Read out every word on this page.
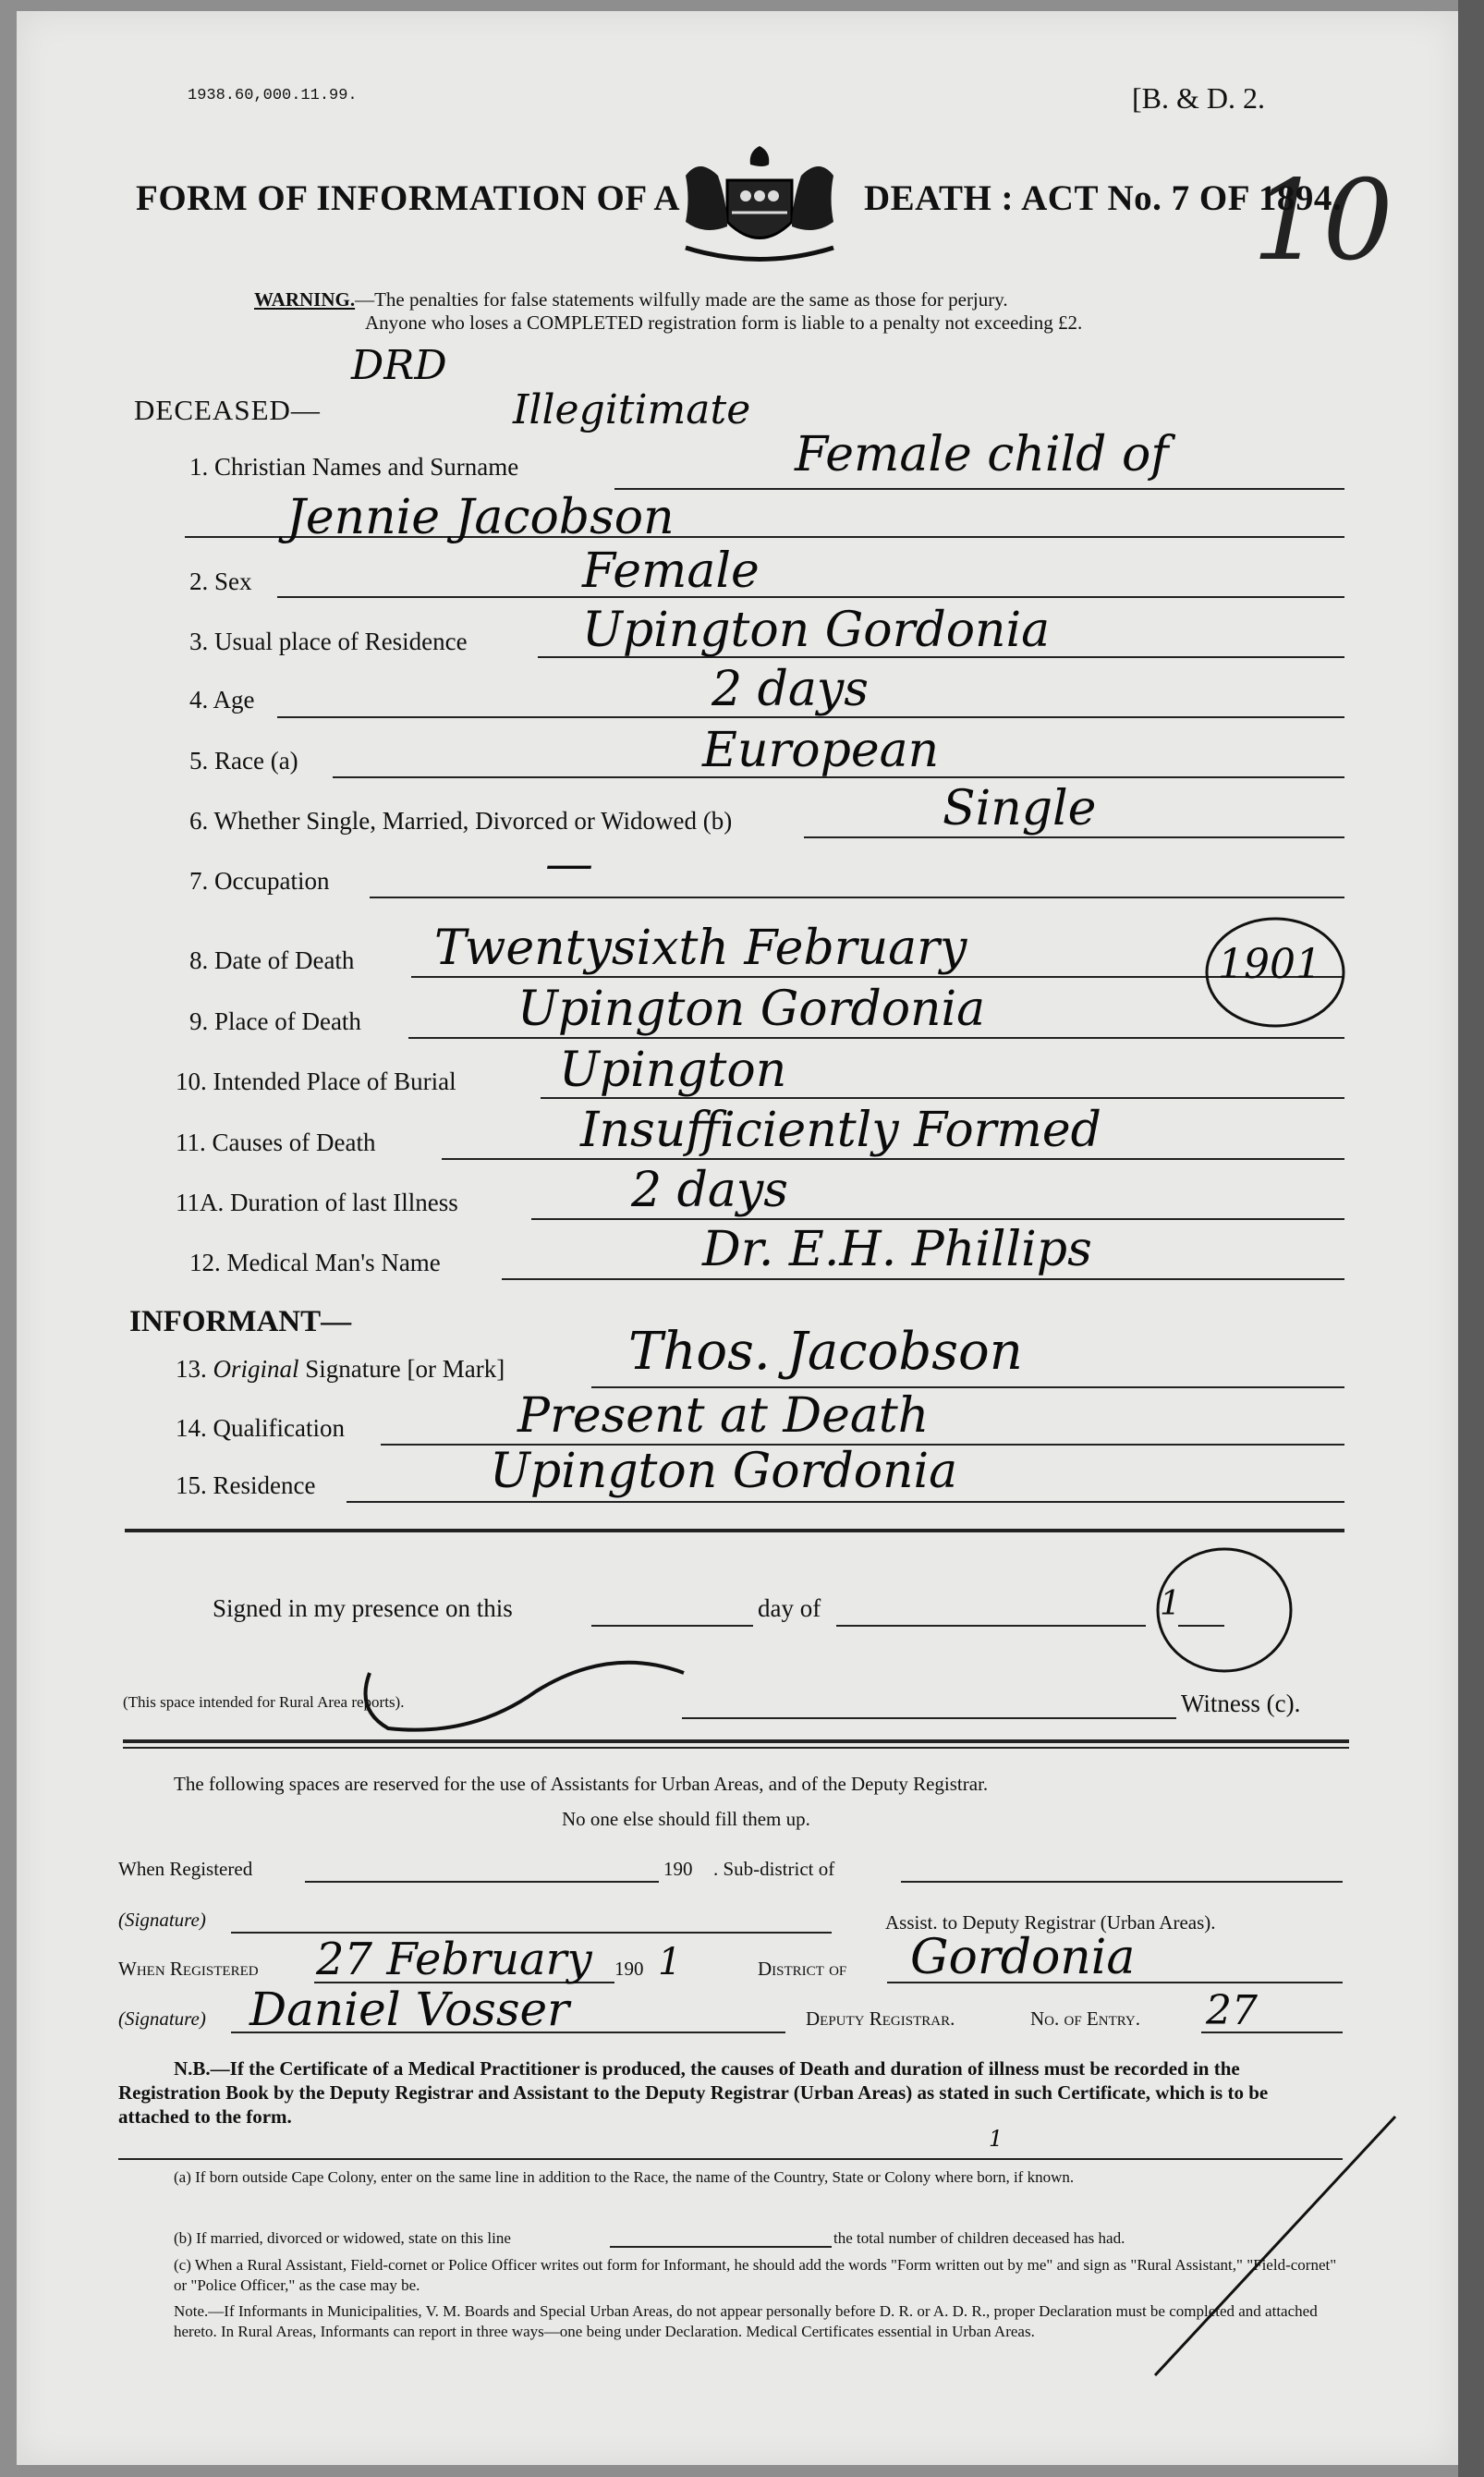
1938.60,000.11.99.	[B. & D. 2.
10
FORM OF INFORMATION OF A	DEATH : ACT No. 7 OF 1894.
WARNING.—The penalties for false statements wilfully made are the same as those for perjury.
Anyone who loses a COMPLETED registration form is liable to a penalty not exceeding £2.
DECEASED—
DRD
Illegitimate
1. Christian Names and Surname	Female child of
Jennie Jacobson
2. Sex	Female
3. Usual place of Residence Upington Gordonia
4. Age	2 days
5. Race (a)	European
6. Whether Single, Married, Divorced or Widowed (b)	Single
7. Occupation	—
8. Date of Death Twentysixth February	1901
9. Place of Death	Upington Gordonia
10. Intended Place of Burial Upington
11. Causes of Death	Insufficiently Formed
11A. Duration of last Illness	2 days
12. Medical Man's Name	Dr. E.H. Phillips
INFORMANT—
13. Original Signature [or Mark] Thos. Jacobson
14. Qualification	Present at Death
15. Residence	Upington Gordonia
Signed in my presence on this	day of	1
(This space intended for Rural Area reports).	Witness (c).
The following spaces are reserved for the use of Assistants for Urban Areas, and of the Deputy Registrar.
No one else should fill them up.
When Registered	190 . Sub-district of
(Signature)	Assist. to Deputy Registrar (Urban Areas).
When Registered 27 February 190 1	District of Gordonia
(Signature) Daniel Vosser	Deputy Registrar.	No. of Entry. 27
N.B.—If the Certificate of a Medical Practitioner is produced, the causes of Death and duration of illness must be recorded in the Registration Book by the Deputy Registrar and Assistant to the Deputy Registrar (Urban Areas) as stated in such Certificate, which is to be attached to the form.
1
(a) If born outside Cape Colony, enter on the same line in addition to the Race, the name of the Country, State or Colony where born, if known.
(b) If married, divorced or widowed, state on this line	the total number of children deceased has had.
(c) When a Rural Assistant, Field-cornet or Police Officer writes out form for Informant, he should add the words "Form written out by me" and sign as "Rural Assistant," "Field-cornet" or "Police Officer," as the case may be.
Note.—If Informants in Municipalities, V. M. Boards and Special Urban Areas, do not appear personally before D. R. or A. D. R., proper Declaration must be completed and attached hereto. In Rural Areas, Informants can report in three ways—one being under Declaration. Medical Certificates essential in Urban Areas.
